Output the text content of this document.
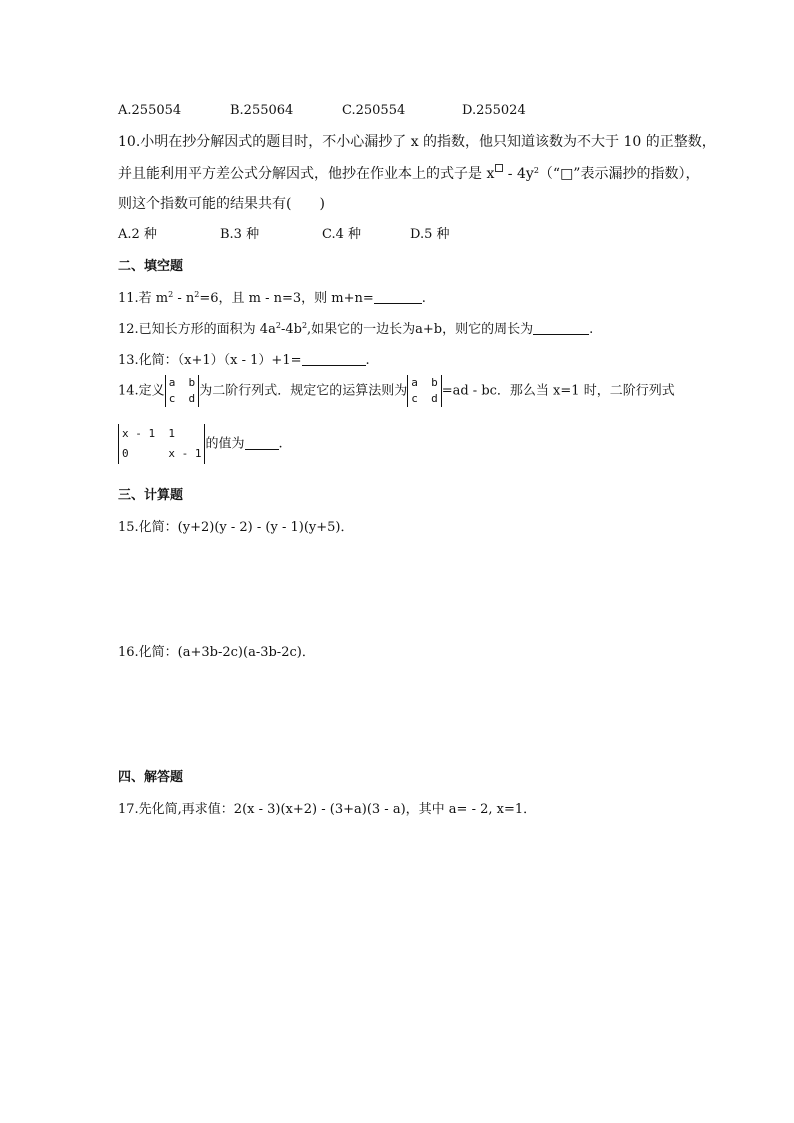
A.255054	B.255064	C.250554	D.255024
10.小明在抄分解因式的题目时，不小心漏抄了 x 的指数，他只知道该数为不大于 10 的正整数，
并且能利用平方差公式分解因式，他抄在作业本上的式子是 x - $4y^2(“□$”表示漏抄的指数），
则这个指数可能的结果共有(　　)
A.2 种	B.3 种	C.4 种	D.5 种
二、填空题
11.若 $m^2 - n^2=6$，且 m - n=3，则 m+n=	.
12.已知长方形的面积为 $4a^2-4b^2$,如果它的一边长为a+b，则它的周长为	.
13.化简：（x+1）（x - 1）+1=	.
14.定义
a  b
c  d 为二阶行列式．规定它的运算法则为
a  b
c  d =ad - bc．那么当 x=1 时，二阶行列式
x - 1  1
0      x - 1
的值为	.
三、计算题
15.化简：(y+2)(y - 2) - (y - 1)(y+5)．
16.化简：(a+3b-2c)(a-3b-2c)．
四、解答题
17.先化简,再求值：2(x - 3)(x+2) - (3+a)(3 - a)，其中 a= - 2, x=1．
